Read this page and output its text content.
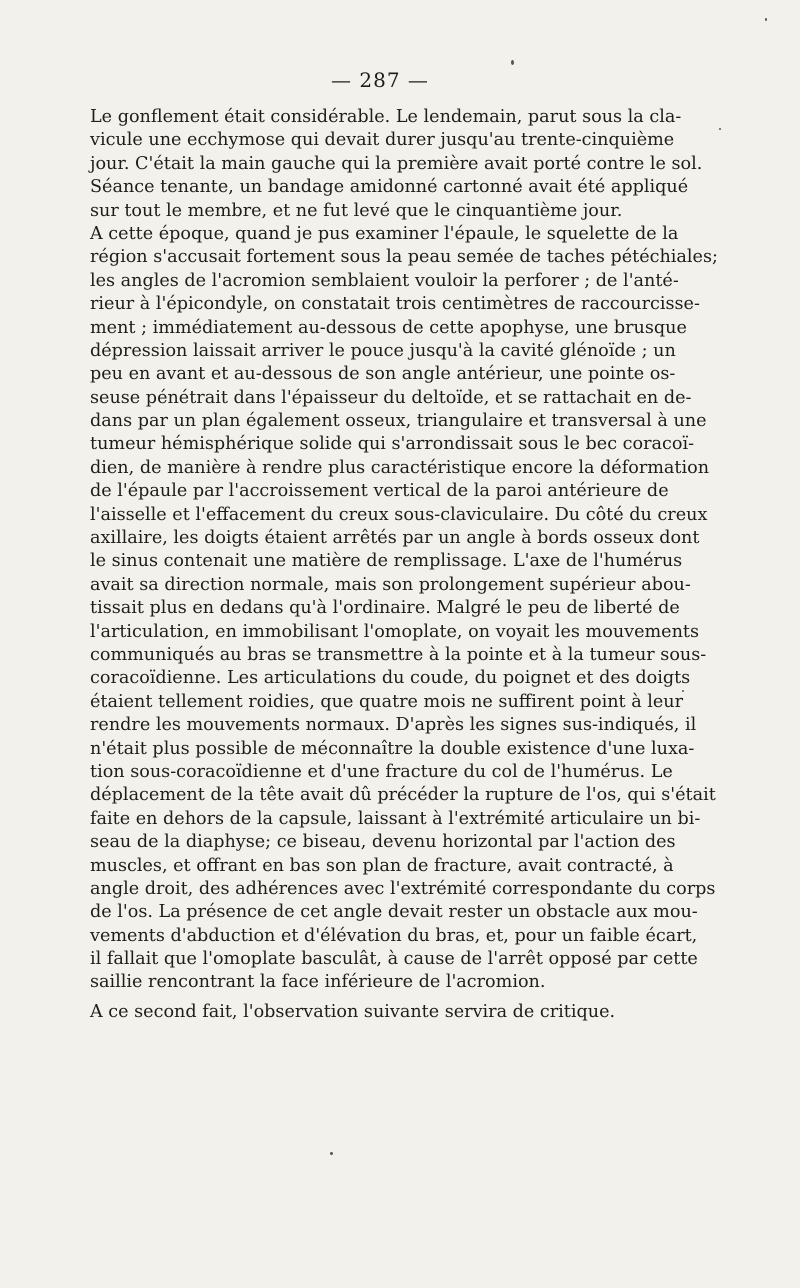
— 287 —
Le gonflement était considérable. Le lendemain, parut sous la cla-
vicule une ecchymose qui devait durer jusqu'au trente-cinquième
jour. C'était la main gauche qui la première avait porté contre le sol.
Séance tenante, un bandage amidonné cartonné avait été appliqué
sur tout le membre, et ne fut levé que le cinquantième jour.
A cette époque, quand je pus examiner l'épaule, le squelette de la
région s'accusait fortement sous la peau semée de taches pétéchiales;
les angles de l'acromion semblaient vouloir la perforer ; de l'anté-
rieur à l'épicondyle, on constatait trois centimètres de raccourcisse-
ment ; immédiatement au-dessous de cette apophyse, une brusque
dépression laissait arriver le pouce jusqu'à la cavité glénoïde ; un
peu en avant et au-dessous de son angle antérieur, une pointe os-
seuse pénétrait dans l'épaisseur du deltoïde, et se rattachait en de-
dans par un plan également osseux, triangulaire et transversal à une
tumeur hémisphérique solide qui s'arrondissait sous le bec coracoï-
dien, de manière à rendre plus caractéristique encore la déformation
de l'épaule par l'accroissement vertical de la paroi antérieure de
l'aisselle et l'effacement du creux sous-claviculaire. Du côté du creux
axillaire, les doigts étaient arrêtés par un angle à bords osseux dont
le sinus contenait une matière de remplissage. L'axe de l'humérus
avait sa direction normale, mais son prolongement supérieur abou-
tissait plus en dedans qu'à l'ordinaire. Malgré le peu de liberté de
l'articulation, en immobilisant l'omoplate, on voyait les mouvements
communiqués au bras se transmettre à la pointe et à la tumeur sous-
coracoïdienne. Les articulations du coude, du poignet et des doigts
étaient tellement roidies, que quatre mois ne suffirent point à leur
rendre les mouvements normaux. D'après les signes sus-indiqués, il
n'était plus possible de méconnaître la double existence d'une luxa-
tion sous-coracoïdienne et d'une fracture du col de l'humérus. Le
déplacement de la tête avait dû précéder la rupture de l'os, qui s'était
faite en dehors de la capsule, laissant à l'extrémité articulaire un bi-
seau de la diaphyse; ce biseau, devenu horizontal par l'action des
muscles, et offrant en bas son plan de fracture, avait contracté, à
angle droit, des adhérences avec l'extrémité correspondante du corps
de l'os. La présence de cet angle devait rester un obstacle aux mou-
vements d'abduction et d'élévation du bras, et, pour un faible écart,
il fallait que l'omoplate basculât, à cause de l'arrêt opposé par cette
saillie rencontrant la face inférieure de l'acromion.
A ce second fait, l'observation suivante servira de critique.
